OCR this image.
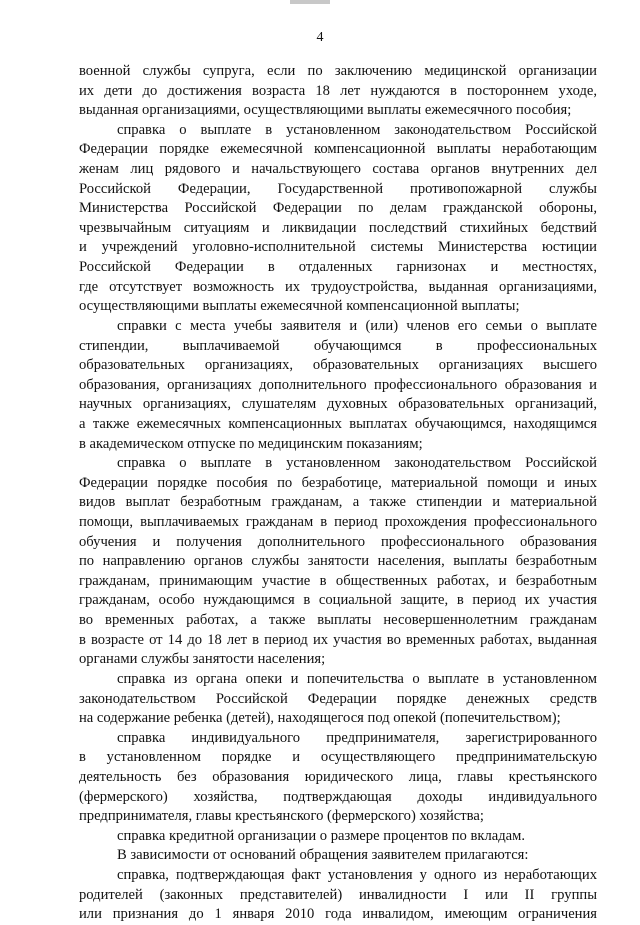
4
военной службы супруга, если по заключению медицинской организации
их дети до достижения возраста 18 лет нуждаются в постороннем уходе,
выданная организациями, осуществляющими выплаты ежемесячного пособия;
справка о выплате в установленном законодательством Российской
Федерации порядке ежемесячной компенсационной выплаты неработающим
женам лиц рядового и начальствующего состава органов внутренних дел
Российской Федерации, Государственной противопожарной службы
Министерства Российской Федерации по делам гражданской обороны,
чрезвычайным ситуациям и ликвидации последствий стихийных бедствий
и учреждений уголовно-исполнительной системы Министерства юстиции
Российской Федерации в отдаленных гарнизонах и местностях,
где отсутствует возможность их трудоустройства, выданная организациями,
осуществляющими выплаты ежемесячной компенсационной выплаты;
справки с места учебы заявителя и (или) членов его семьи о выплате
стипендии, выплачиваемой обучающимся в профессиональных
образовательных организациях, образовательных организациях высшего
образования, организациях дополнительного профессионального образования и
научных организациях, слушателям духовных образовательных организаций,
а также ежемесячных компенсационных выплатах обучающимся, находящимся
в академическом отпуске по медицинским показаниям;
справка о выплате в установленном законодательством Российской
Федерации порядке пособия по безработице, материальной помощи и иных
видов выплат безработным гражданам, а также стипендии и материальной
помощи, выплачиваемых гражданам в период прохождения профессионального
обучения и получения дополнительного профессионального образования
по направлению органов службы занятости населения, выплаты безработным
гражданам, принимающим участие в общественных работах, и безработным
гражданам, особо нуждающимся в социальной защите, в период их участия
во временных работах, а также выплаты несовершеннолетним гражданам
в возрасте от 14 до 18 лет в период их участия во временных работах, выданная
органами службы занятости населения;
справка из органа опеки и попечительства о выплате в установленном
законодательством Российской Федерации порядке денежных средств
на содержание ребенка (детей), находящегося под опекой (попечительством);
справка индивидуального предпринимателя, зарегистрированного
в установленном порядке и осуществляющего предпринимательскую
деятельность без образования юридического лица, главы крестьянского
(фермерского) хозяйства, подтверждающая доходы индивидуального
предпринимателя, главы крестьянского (фермерского) хозяйства;
справка кредитной организации о размере процентов по вкладам.
В зависимости от оснований обращения заявителем прилагаются:
справка, подтверждающая факт установления у одного из неработающих
родителей (законных представителей) инвалидности I или II группы
или признания до 1 января 2010 года инвалидом, имеющим ограничения
